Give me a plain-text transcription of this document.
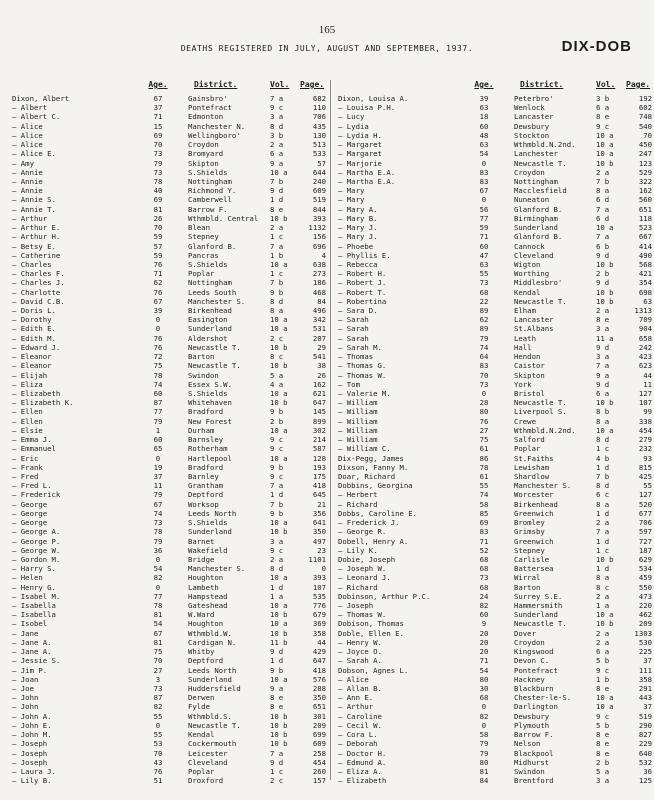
165
DEATHS REGISTERED IN JULY, AUGUST AND SEPTEMBER, 1937.	DIX-DOB
Age.	District.	Vol. Page.
Dixon, Albert	67	Gainsbro'	7 a	682
— Albert	37	Pontefract	9 c	110
— Albert C.	71	Edmonton	3 a	706
— Alice	15	Manchester N.	8 d	435
— Alice	69	Wellingboro'	3 b	130
— Alice	70	Croydon	2 a	513
— Alice E.	73	Bromyard	6 a	533
— Amy	79	Skipton	9 a	57
— Annie	73	S.Shields	10 a	644
— Annie	78	Nottingham	7 b	240
— Annie	40	Richmond Y.	9 d	609
— Annie S.	69	Camberwell	1 d	519
— Annie T.	81	Barrow F.	8 e	844
— Arthur	26	Wthmbld. Central	10 b	393
— Arthur E.	70	Blean	2 a	1132
— Arthur H.	59	Stepney	1 c	156
— Betsy E.	57	Glanford B.	7 a	696
— Catherine	59	Pancras	1 b	4
— Charles	76	S.Shields	10 a	638
— Charles F.	71	Poplar	1 c	273
— Charles J.	62	Nottingham	7 b	186
— Charlotte	76	Leeds South	9 b	468
— David C.B.	67	Manchester S.	8 d	84
— Doris L.	39	Birkenhead	8 a	496
— Dorothy	0	Easington	10 a	342
— Edith E.	0	Sunderland	10 a	531
— Edith M.	76	Aldershot	2 c	207
— Edward J.	76	Newcastle T.	10 b	29
— Eleanor	72	Barton	8 c	541
— Eleanor	75	Newcastle T.	10 b	38
— Elijah	78	Swindon	5 a	26
— Eliza	74	Essex S.W.	4 a	162
— Elizabeth	60	S.Shields	10 a	621
— Elizabeth K.	87	Whitehaven	10 b	647
— Ellen	77	Bradford	9 b	145
— Ellen	79	New Forest	2 b	899
— Elsie	1	Durham	10 a	302
— Emma J.	60	Barnsley	9 c	214
— Emmanuel	65	Rotherham	9 c	587
— Eric	0	Hartlepool	10 a	128
— Frank	19	Bradford	9 b	193
— Fred	37	Barnley	9 c	175
— Fred L.	11	Grantham	7 a	418
— Frederick	79	Deptford	1 d	645
— George	67	Worksop	7 b	21
— George	74	Leeds North	9 b	356
— George	73	S.Shields	10 a	641
— George A.	78	Sunderland	10 b	350
— George P.	79	Barnet	3 a	497
— George W.	36	Wakefield	9 c	23
— Gordon M.	0	Bridge	2 a	1101
— Harry S.	54	Manchester S.	8 d	0
— Helen	82	Houghton	10 a	393
— Henry G.	0	Lambeth	1 d	107
— Isabel M.	77	Hampstead	1 a	535
— Isabella	78	Gateshead	10 a	776
— Isabella	81	W.Ward	10 b	679
— Isobel	54	Houghton	10 a	369
— Jane	67	Wthmbld.W.	10 b	358
— Jane A.	81	Cardigan N.	11 b	44
— Jane A.	75	Whitby	9 d	429
— Jessie S.	70	Deptford	1 d	647
— Jim P.	27	Leeds North	9 b	418
— Joan	3	Sunderland	10 a	576
— Joe	73	Huddersfield	9 a	288
— John	87	Derwen	8 e	350
— John	82	Fylde	8 e	651
— John A.	55	Wthmbld.S.	10 b	301
— John E.	0	Newcastle T.	10 b	209
— John M.	55	Kendal	10 b	699
— Joseph	53	Cockermouth	10 b	609
— Joseph	70	Leicester	7 a	258
— Joseph	43	Cleveland	9 d	454
— Laura J.	76	Poplar	1 c	260
— Lily B.	51	Droxford	2 c	157
Age.	District.	Vol. Page.
Dixon, Louisa A.	39	Peterbro'	3 b	192
— Louisa P.H.	63	Wenlock	6 a	602
— Lucy	18	Lancaster	8 e	748
— Lydia	60	Dewsbury	9 c	540
— Lydia H.	48	Stockton	10 a	70
— Margaret	63	Wthmbld.N.2nd.	10 a	450
— Margaret	54	Lanchester	10 a	247
— Marjorie	0	Newcastle T.	10 b	123
— Martha E.A.	83	Croydon	2 a	529
— Martha E.A.	83	Nottingham	7 b	322
— Mary	67	Macclesfield	8 a	162
— Mary	0	Nuneaton	6 d	560
— Mary A.	56	Glanford B.	7 a	651
— Mary B.	77	Birmingham	6 d	118
— Mary J.	59	Sunderland	10 a	523
— Mary J.	71	Glanford B.	7 a	667
— Phoebe	60	Cannock	6 b	414
— Phyllis E.	47	Cleveland	9 d	490
— Rebecca	63	Wigton	10 b	568
— Robert H.	55	Worthing	2 b	421
— Robert J.	73	Middlesbro'	9 d	354
— Robert T.	68	Kendal	10 b	698
— Robertina	22	Newcastle T.	10 b	63
— Sara D.	89	Elham	2 a	1313
— Sarah	62	Lancaster	8 e	709
— Sarah	89	St.Albans	3 a	904
— Sarah	79	Leath	11 a	658
— Sarah M.	74	Hall	9 d	242
— Thomas	64	Hendon	3 a	423
— Thomas G.	83	Caistor	7 a	623
— Thomas W.	70	Skipton	9 a	44
— Tom	73	York	9 d	11
— Valerie M.	0	Bristol	6 a	127
— William	28	Newcastle T.	10 b	107
— William	80	Liverpool S.	8 b	99
— William	76	Crewe	8 a	338
— William	27	Wthmbld.N.2nd.	10 a	454
— William	75	Salford	8 d	279
— William C.	61	Poplar	1 c	232
Dix-Pegg, James	86	St.Faiths	4 b	93
Dixson, Fanny M.	78	Lewisham	1 d	815
Doar, Richard	61	Shardlow	7 b	425
Dobbins, Georgina	55	Manchester S.	8 d	55
— Herbert	74	Worcester	6 c	127
— Richard	58	Birkenhead	8 a	520
Dobbs, Caroline E.	85	Greenwich	1 d	677
— Frederick J.	69	Bromley	2 a	706
— George R.	83	Grimsby	7 a	597
Dobell, Henry A.	71	Greenwich	1 d	727
— Lily K.	52	Stepney	1 c	187
Dobie, Joseph	68	Carlisle	10 b	629
— Joseph W.	68	Battersea	1 d	534
— Leonard J.	73	Wirral	8 a	459
— Richard	68	Barton	8 c	550
Dobinson, Arthur P.C.	24	Surrey S.E.	2 a	473
— Joseph	82	Hammersmith	1 a	220
— Thomas W.	60	Sunderland	10 a	462
Dobison, Thomas	9	Newcastle T.	10 b	209
Doble, Ellen E.	20	Dover	2 a	1303
— Henry W.	20	Croydon	2 a	530
— Joyce O.	20	Kingswood	6 a	225
— Sarah A.	71	Devon C.	5 b	37
Dobson, Agnes L.	54	Pontefract	9 c	111
— Alice	80	Hackney	1 b	358
— Allan B.	30	Blackburn	8 e	291
— Ann E.	68	Chester-le-S.	10 a	443
— Arthur	0	Darlington	10 a	37
— Caroline	82	Dewsbury	9 c	519
— Cecil W.	0	Plymouth	5 b	290
— Cora L.	58	Barrow F.	8 e	827
— Deborah	79	Nelson	8 e	229
— Doctor H.	79	Blackpool	8 e	640
— Edmund A.	80	Midhurst	2 b	532
— Eliza A.	81	Swindon	5 a	36
— Elizabeth	84	Brentford	3 a	125
